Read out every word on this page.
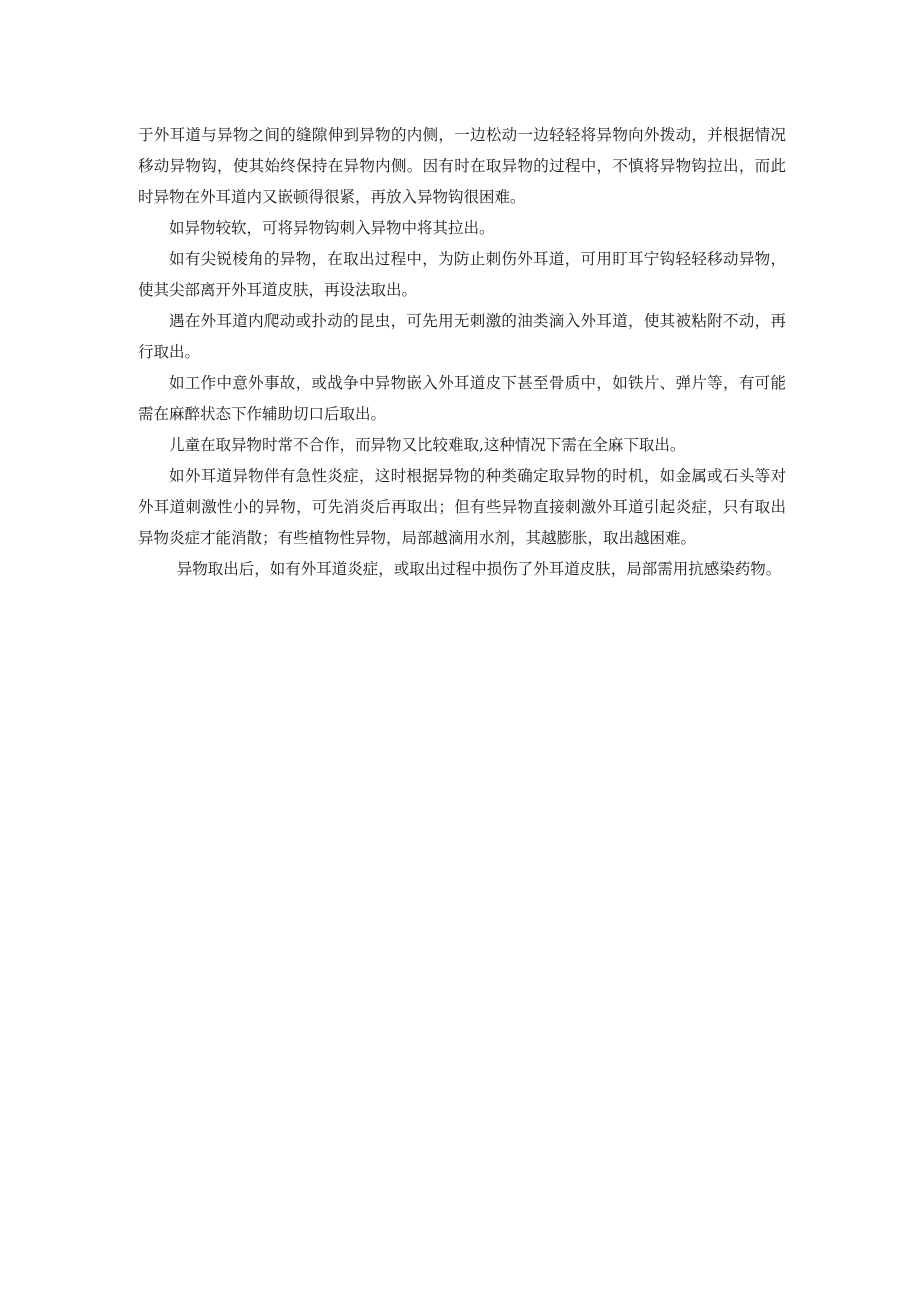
于外耳道与异物之间的缝隙伸到异物的内侧，一边松动一边轻轻将异物向外拨动，并根据情况移动异物钩，使其始终保持在异物内侧。因有时在取异物的过程中，不慎将异物钩拉出，而此时异物在外耳道内又嵌顿得很紧，再放入异物钩很困难。

如异物较软，可将异物钩刺入异物中将其拉出。

如有尖锐棱角的异物，在取出过程中，为防止刺伤外耳道，可用盯耳宁钩轻轻移动异物，使其尖部离开外耳道皮肤，再设法取出。

遇在外耳道内爬动或扑动的昆虫，可先用无刺激的油类滴入外耳道，使其被粘附不动，再行取出。

如工作中意外事故，或战争中异物嵌入外耳道皮下甚至骨质中，如铁片、弹片等，有可能需在麻醉状态下作辅助切口后取出。

儿童在取异物时常不合作，而异物又比较难取,这种情况下需在全麻下取出。

如外耳道异物伴有急性炎症，这时根据异物的种类确定取异物的时机，如金属或石头等对外耳道刺激性小的异物，可先消炎后再取出；但有些异物直接刺激外耳道引起炎症，只有取出异物炎症才能消散；有些植物性异物，局部越滴用水剂，其越膨胀，取出越困难。

异物取出后，如有外耳道炎症，或取出过程中损伤了外耳道皮肤，局部需用抗感染药物。
